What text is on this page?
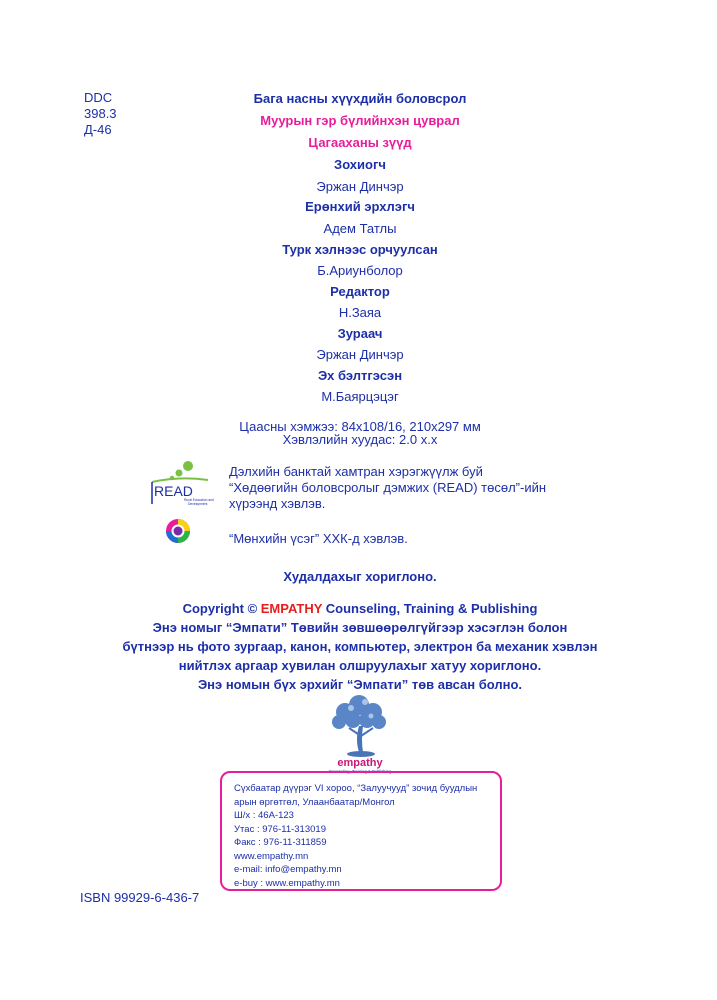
DDC
398.3
Д-46
Бага насны хүүхдийн боловсрол
Муурын гэр бүлийнхэн цуврал
Цагааханы зүүд
Зохиогч
Эржан Динчэр
Ерөнхий эрхлэгч
Адем Татлы
Турк хэлнээс орчуулсан
Б.Ариунболор
Редактор
Н.Заяа
Зураач
Эржан Динчэр
Эх бэлтгэсэн
М.Баярцэцэг
Цаасны хэмжээ: 84х108/16, 210х297 мм
Хэвлэлийн хуудас: 2.0 х.х
READ
Rural Education and
Development
Дэлхийн банктай хамтран хэрэгжүүлж буй
“Хөдөөгийн боловсролыг дэмжих (READ) төсөл”-ийн
хүрээнд хэвлэв.
“Мөнхийн үсэг” ХХК-д хэвлэв.
Худалдахыг хориглоно.
Copyright © EMPATHY Counseling, Training & Publishing
Энэ номыг “Эмпати” Төвийн зөвшөөрөлгүйгээр хэсэглэн болон
бүтнээр нь фото зургаар, канон, компьютер, электрон ба механик хэвлэн
нийтлэх аргаар хувилан олшруулахыг хатуу хориглоно.
Энэ номын бүх эрхийг “Эмпати” төв авсан болно.
empathy
Counseling, Training & Publishing
Сүхбаатар дүүрэг VI хороо, “Залуучууд” зочид буудлын
арын өргөтгөл, Улаанбаатар/Монгол
Ш/х : 46А-123
Утас : 976-11-313019
Факс : 976-11-311859
www.empathy.mn
e-mail: info@empathy.mn
e-buy : www.empathy.mn
ISBN 99929-6-436-7
